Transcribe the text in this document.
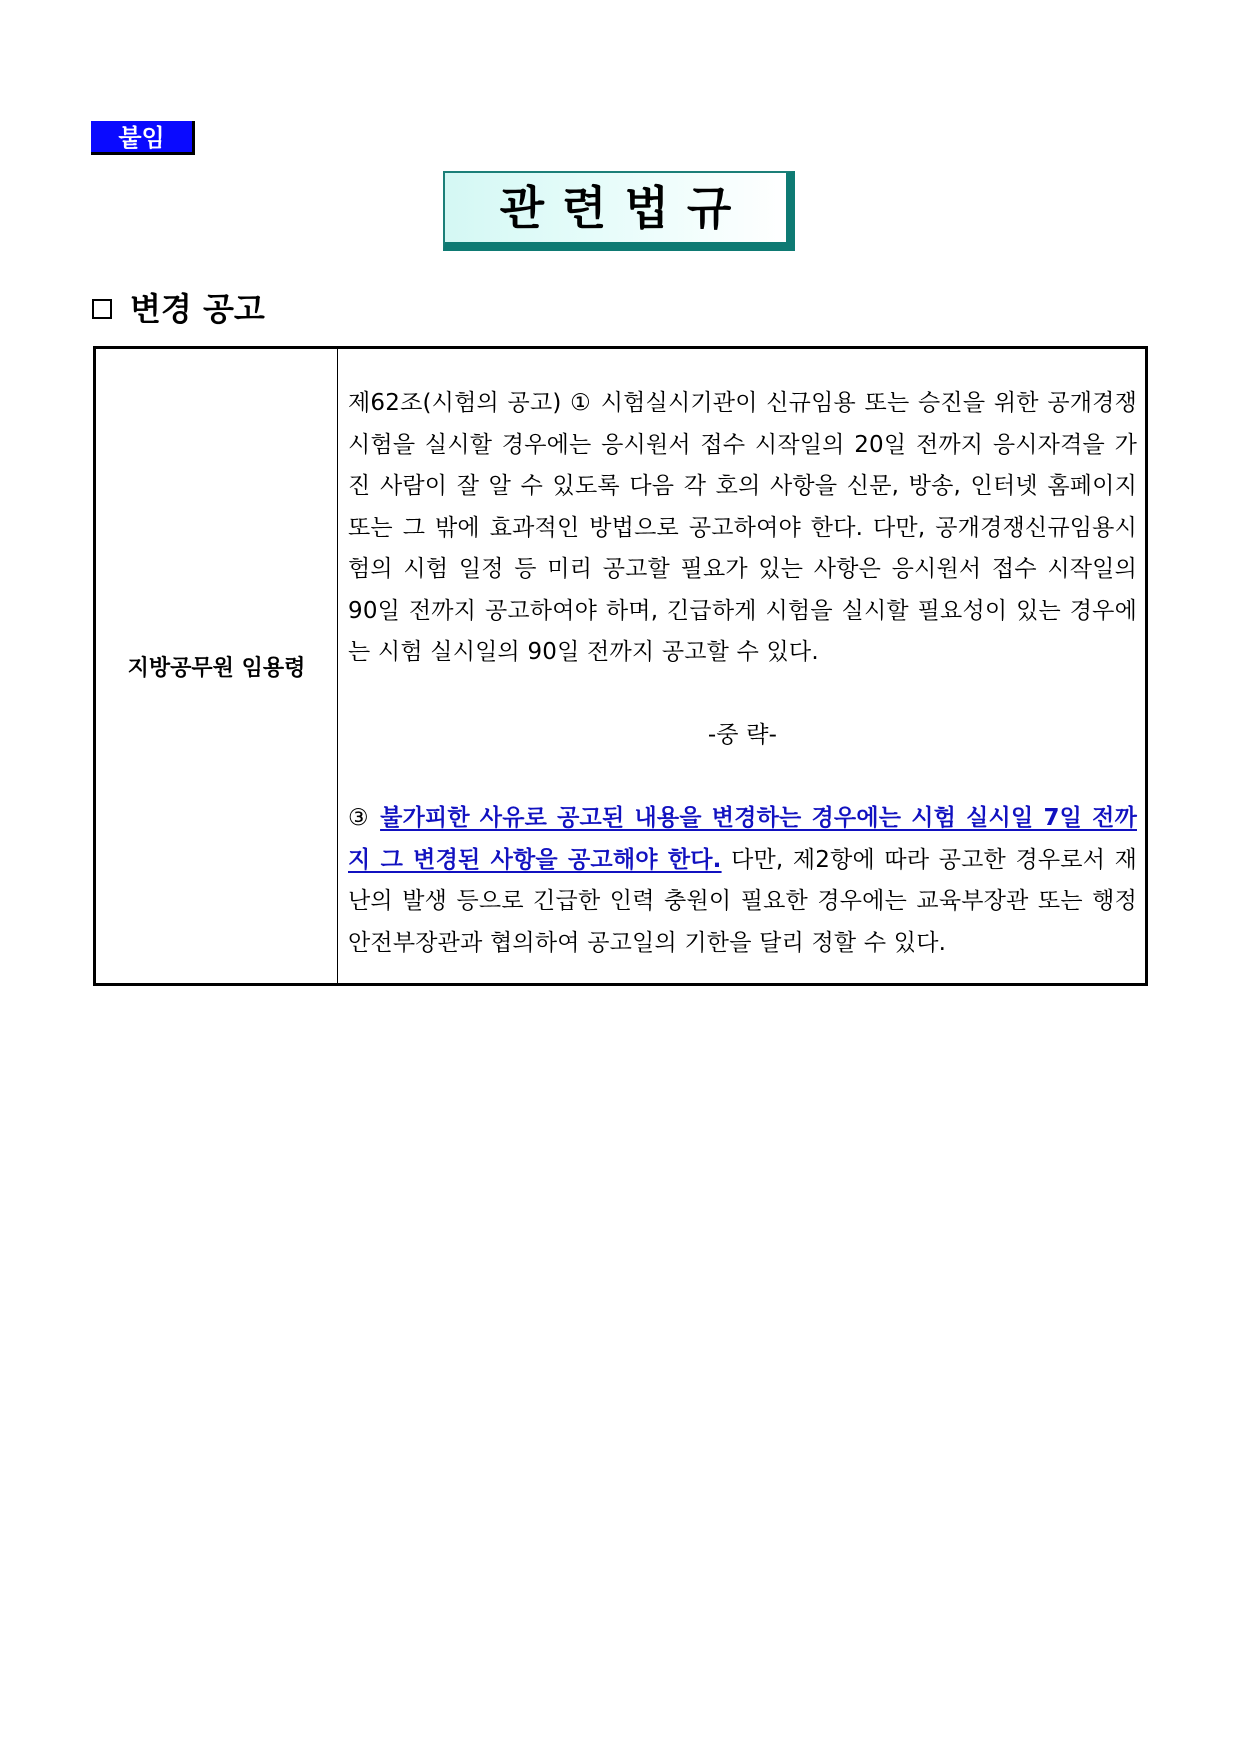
붙임
관련법규
변경 공고
지방공무원 임용령

제62조(시험의 공고) ① 시험실시기관이 신규임용 또는 승진을 위한 공개경쟁시험을 실시할 경우에는 응시원서 접수 시작일의 20일 전까지 응시자격을 가진 사람이 잘 알 수 있도록 다음 각 호의 사항을 신문, 방송, 인터넷 홈페이지 또는 그 밖에 효과적인 방법으로 공고하여야 한다. 다만, 공개경쟁신규임용시험의 시험 일정 등 미리 공고할 필요가 있는 사항은 응시원서 접수 시작일의 90일 전까지 공고하여야 하며, 긴급하게 시험을 실시할 필요성이 있는 경우에는 시험 실시일의 90일 전까지 공고할 수 있다.

-중 략-

③ 불가피한 사유로 공고된 내용을 변경하는 경우에는 시험 실시일 7일 전까지 그 변경된 사항을 공고해야 한다. 다만, 제2항에 따라 공고한 경우로서 재난의 발생 등으로 긴급한 인력 충원이 필요한 경우에는 교육부장관 또는 행정안전부장관과 협의하여 공고일의 기한을 달리 정할 수 있다.
